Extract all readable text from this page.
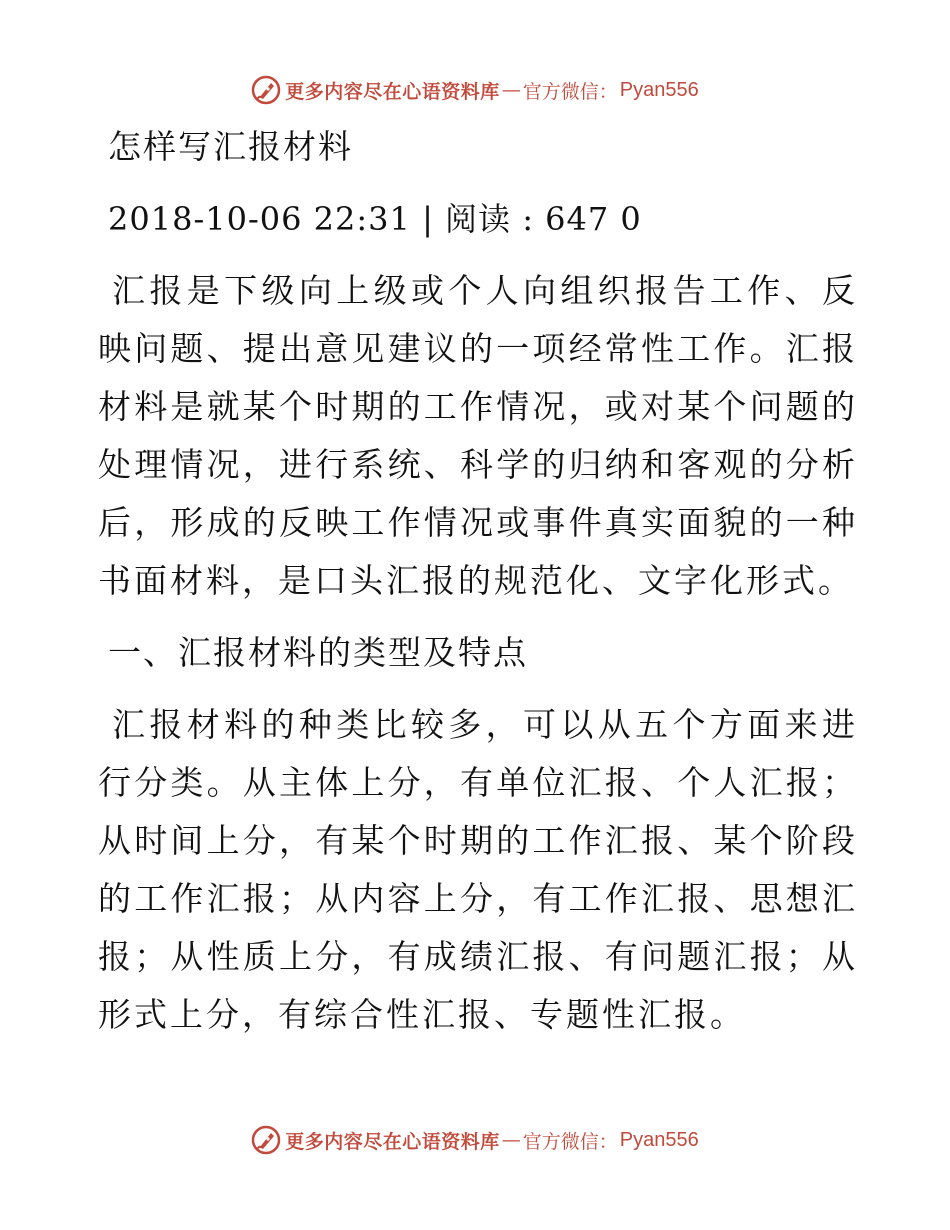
更多内容尽在心语资料库 — 官方微信： Pyan556
怎样写汇报材料
2018-10-06 22:31 | 阅读 : 647 0

汇报是下级向上级或个人向组织报告工作、反映问题、提出意见建议的一项经常性工作。汇报材料是就某个时期的工作情况，或对某个问题的处理情况，进行系统、科学的归纳和客观的分析后，形成的反映工作情况或事件真实面貌的一种书面材料，是口头汇报的规范化、文字化形式。

一、汇报材料的类型及特点

汇报材料的种类比较多，可以从五个方面来进行分类。从主体上分，有单位汇报、个人汇报；从时间上分，有某个时期的工作汇报、某个阶段的工作汇报；从内容上分，有工作汇报、思想汇报；从性质上分，有成绩汇报、有问题汇报；从形式上分，有综合性汇报、专题性汇报。

更多内容尽在心语资料库 — 官方微信： Pyan556
